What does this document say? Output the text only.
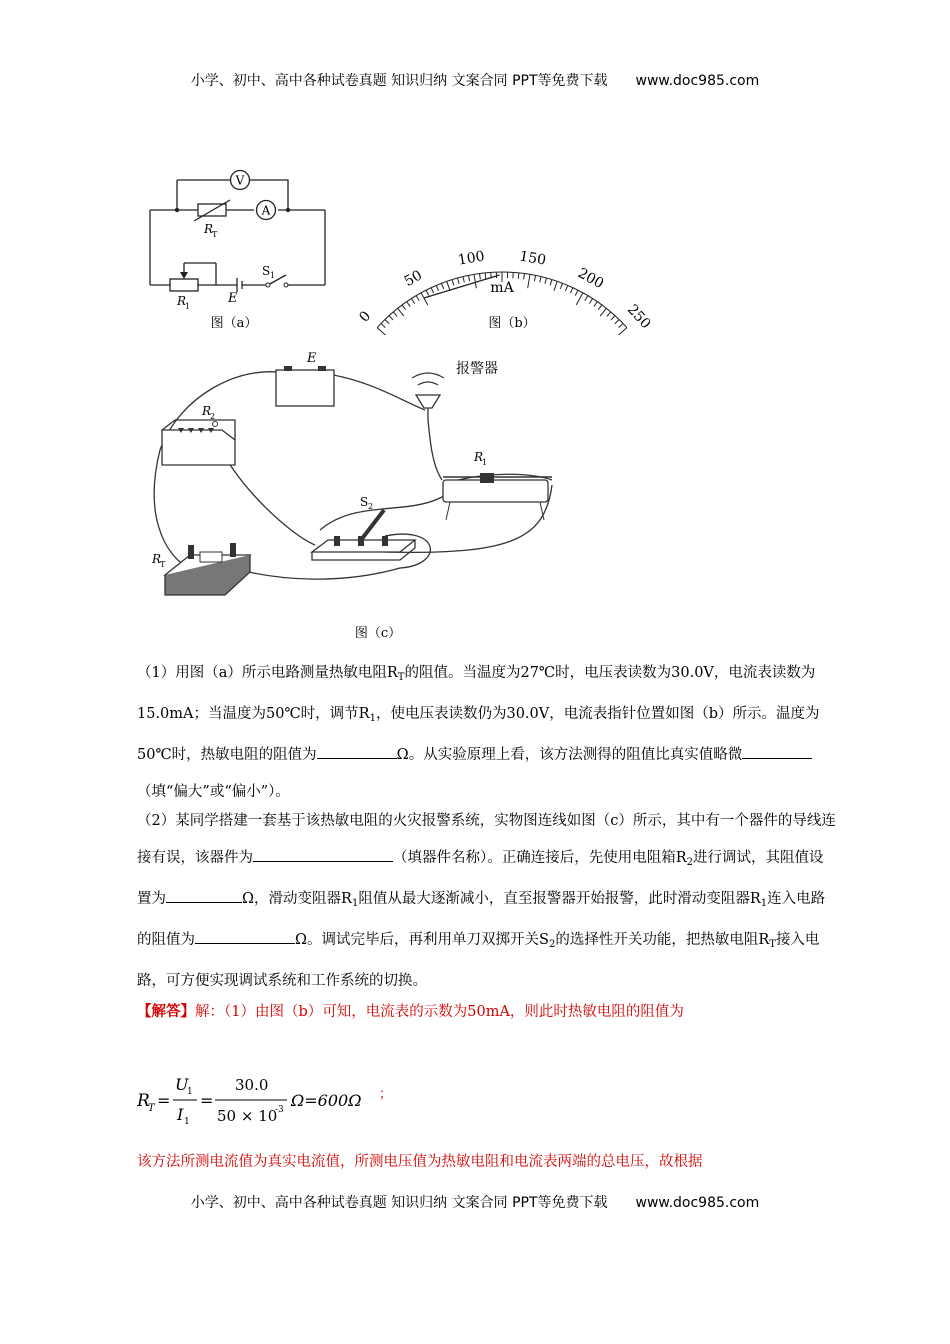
小学、初中、高中各种试卷真题 知识归纳 文案合同 PPT等免费下载 www.doc985.com
小学、初中、高中各种试卷真题 知识归纳 文案合同 PPT等免费下载 www.doc985.com
V
A
R
T
R
1
E
S 1
图（a）	0
50
100 150
200
250
mA
图（b）
E
报警器
R
2
R
1
S 2
R
T
图（c）
（1）用图（a）所示电路测量热敏电阻$R_T$的阻值。当温度为27℃时，电压表读数为30.0V，电流表读数为15.0mA；当温度为50℃时，调节$R_1$，使电压表读数仍为30.0V，电流表指针位置如图（b）所示。温度为50℃时，热敏电阻的阻值为	Ω。从实验原理上看，该方法测得的阻值比真实值略微（填“偏大”或“偏小”）。
（2）某同学搭建一套基于该热敏电阻的火灾报警系统，实物图连线如图（c）所示，其中有一个器件的导线连接有误，该器件为	（填器件名称）。正确连接后，先使用电阻箱$R_2$进行调试，其阻值设置为	Ω，滑动变阻器$R_1$阻值从最大逐渐减小，直至报警器开始报警，此时滑动变阻器$R_1$连入电路的阻值为	Ω。调试完毕后，再利用单刀双掷开关$S_2$的选择性开关功能，把热敏电阻$R_T$接入电路，可方便实现调试系统和工作系统的切换。
【解答】解：（1）由图（b）可知，电流表的示数为50mA，则此时热敏电阻的阻值为
R
T =
U
1
I 1
=
30.0
50 × 10
-3 Ω=600Ω ；
该方法所测电流值为真实电流值，所测电压值为热敏电阻和电流表两端的总电压，故根据
